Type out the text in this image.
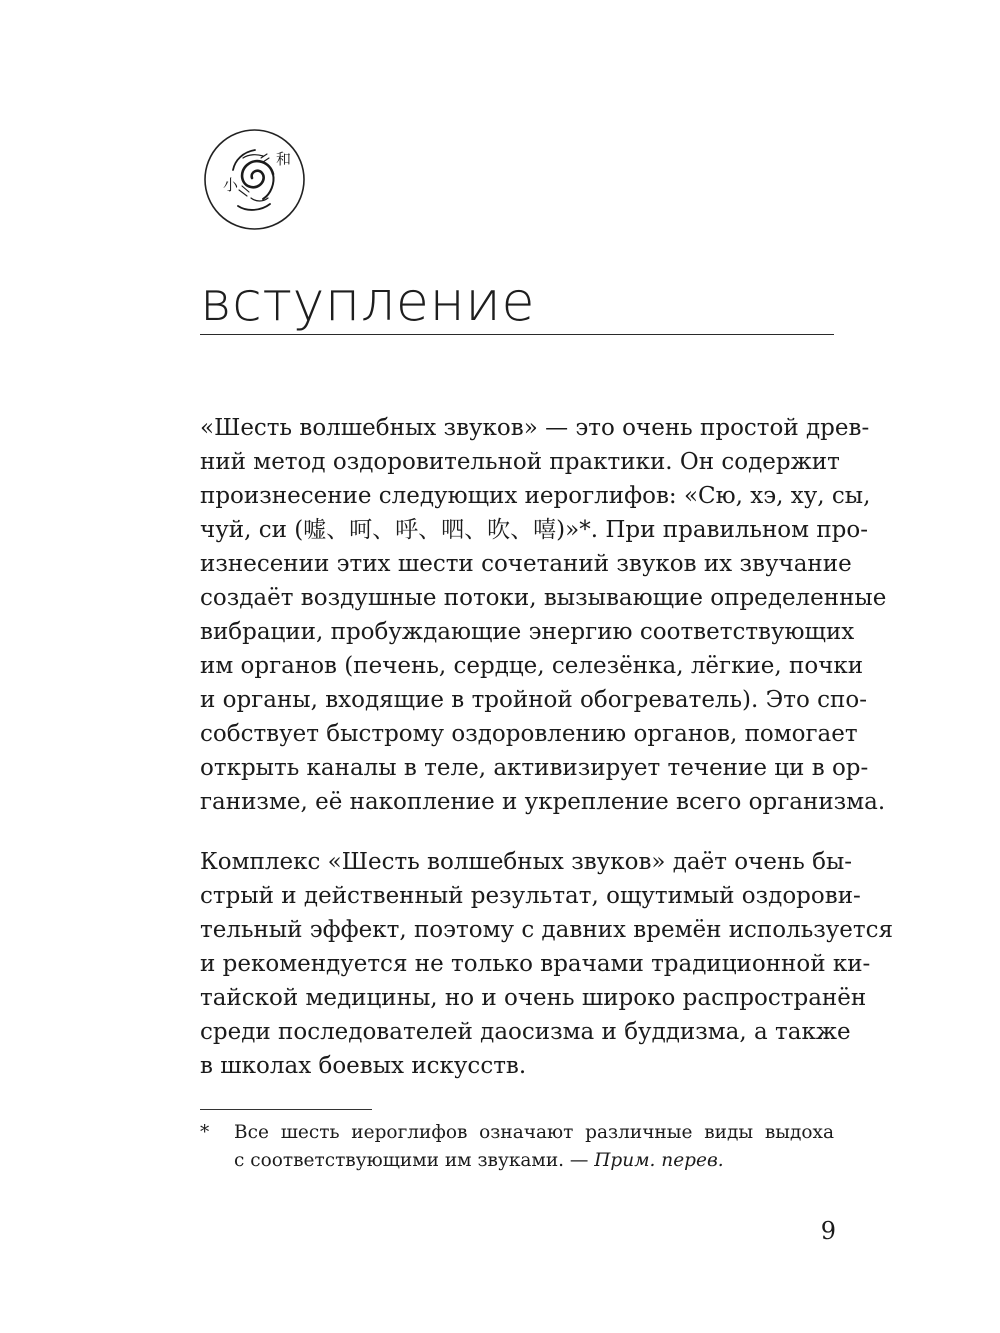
小
和
вступление
«Шесть волшебных звуков» — это очень простой древ-
ний метод оздоровительной практики. Он содержит
произнесение следующих иероглифов: «Сю, хэ, ху, сы,
чуй, си (嘘、呵、呼、呬、吹、嘻)»*. При правильном про-
изнесении этих шести сочетаний звуков их звучание
создаёт воздушные потоки, вызывающие определенные
вибрации, пробуждающие энергию соответствующих
им органов (печень, сердце, селезёнка, лёгкие, почки
и органы, входящие в тройной обогреватель). Это спо-
собствует быстрому оздоровлению органов, помогает
открыть каналы в теле, активизирует течение ци в ор-
ганизме, её накопление и укрепление всего организма.
Комплекс «Шесть волшебных звуков» даёт очень бы-
стрый и действенный результат, ощутимый оздорови-
тельный эффект, поэтому с давних времён используется
и рекомендуется не только врачами традиционной ки-
тайской медицины, но и очень широко распространён
среди последователей даосизма и буддизма, а также
в школах боевых искусств.
* Все шесть иероглифов означают различные виды выдоха
с соответствующими им звуками. — Прим. перев.
9
